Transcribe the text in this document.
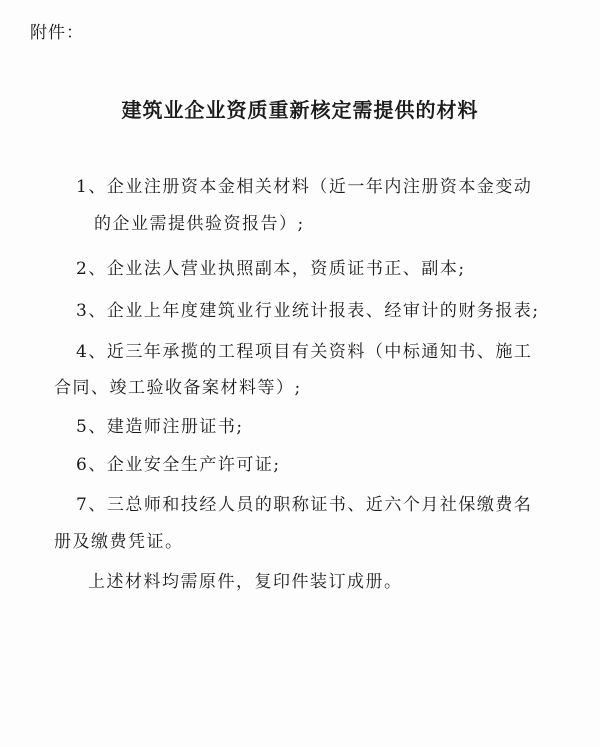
附件：
建筑业企业资质重新核定需提供的材料
1、企业注册资本金相关材料（近一年内注册资本金变动
的企业需提供验资报告）;
2、企业法人营业执照副本，资质证书正、副本;
3、企业上年度建筑业行业统计报表、经审计的财务报表;
4、近三年承揽的工程项目有关资料（中标通知书、施工
合同、竣工验收备案材料等）;
5、建造师注册证书;
6、企业安全生产许可证;
7、三总师和技经人员的职称证书、近六个月社保缴费名
册及缴费凭证。
上述材料均需原件，复印件装订成册。
